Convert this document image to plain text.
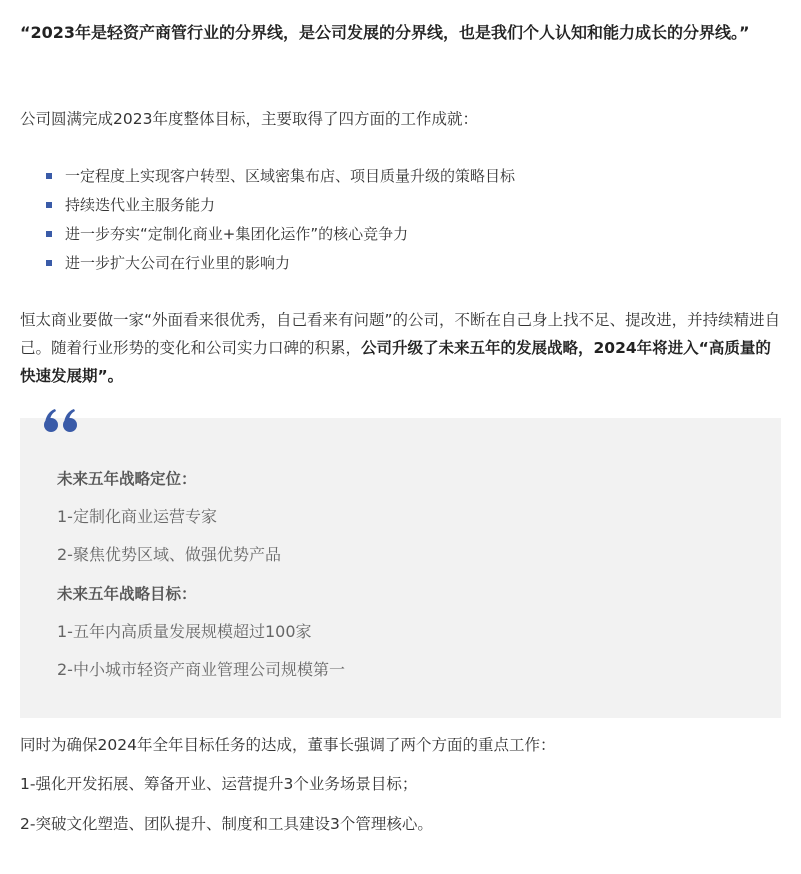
“2023年是轻资产商管行业的分界线，是公司发展的分界线，也是我们个人认知和能力成长的分界线。”

公司圆满完成2023年度整体目标，主要取得了四方面的工作成就：

一定程度上实现客户转型、区域密集布店、项目质量升级的策略目标
持续迭代业主服务能力
进一步夯实“定制化商业+集团化运作”的核心竞争力
进一步扩大公司在行业里的影响力

恒太商业要做一家“外面看来很优秀，自己看来有问题”的公司，不断在自己身上找不足、提改进，并持续精进自己。随着行业形势的变化和公司实力口碑的积累，公司升级了未来五年的发展战略，2024年将进入“高质量的快速发展期”。

未来五年战略定位：

1-定制化商业运营专家

2-聚焦优势区域、做强优势产品

未来五年战略目标：

1-五年内高质量发展规模超过100家

2-中小城市轻资产商业管理公司规模第一

同时为确保2024年全年目标任务的达成，董事长强调了两个方面的重点工作：

1-强化开发拓展、筹备开业、运营提升3个业务场景目标；

2-突破文化塑造、团队提升、制度和工具建设3个管理核心。
